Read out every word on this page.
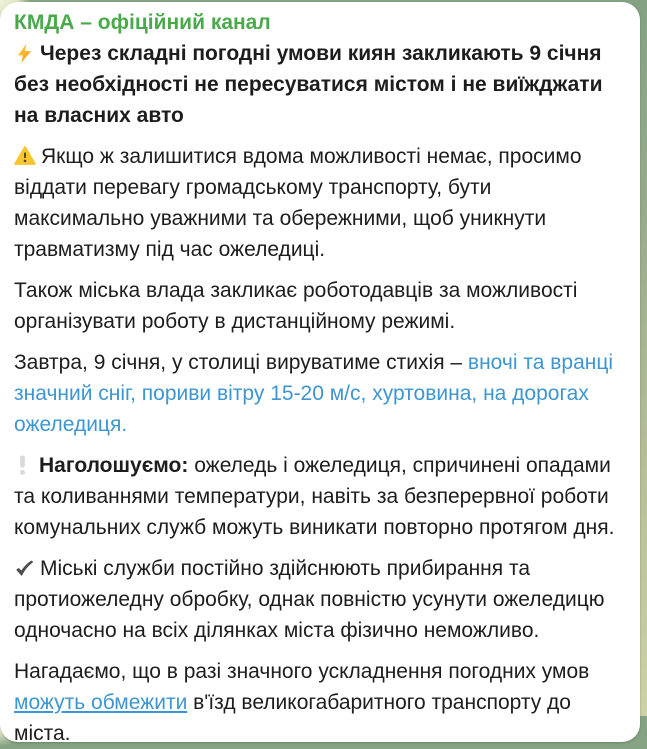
КМДА – офіційний канал

Через складні погодні умови киян закликають 9 січня без необхідності не пересуватися містом і не виїжджати на власних авто

Якщо ж залишитися вдома можливості немає, просимо віддати перевагу громадському транспорту, бути максимально уважними та обережними, щоб уникнути травматизму під час ожеледиці.

Також міська влада закликає роботодавців за можливості організувати роботу в дистанційному режимі.

Завтра, 9 січня, у столиці вируватиме стихія – вночі та вранці значний сніг, пориви вітру 15-20 м/с, хуртовина, на дорогах ожеледиця.

Наголошуємо: ожеледь і ожеледиця, спричинені опадами та коливаннями температури, навіть за безперервної роботи комунальних служб можуть виникати повторно протягом дня.

Міські служби постійно здійснюють прибирання та протиожеледну обробку, однак повністю усунути ожеледицю одночасно на всіх ділянках міста фізично неможливо.

Нагадаємо, що в разі значного ускладнення погодних умов можуть обмежити в'їзд великогабаритного транспорту до міста.
